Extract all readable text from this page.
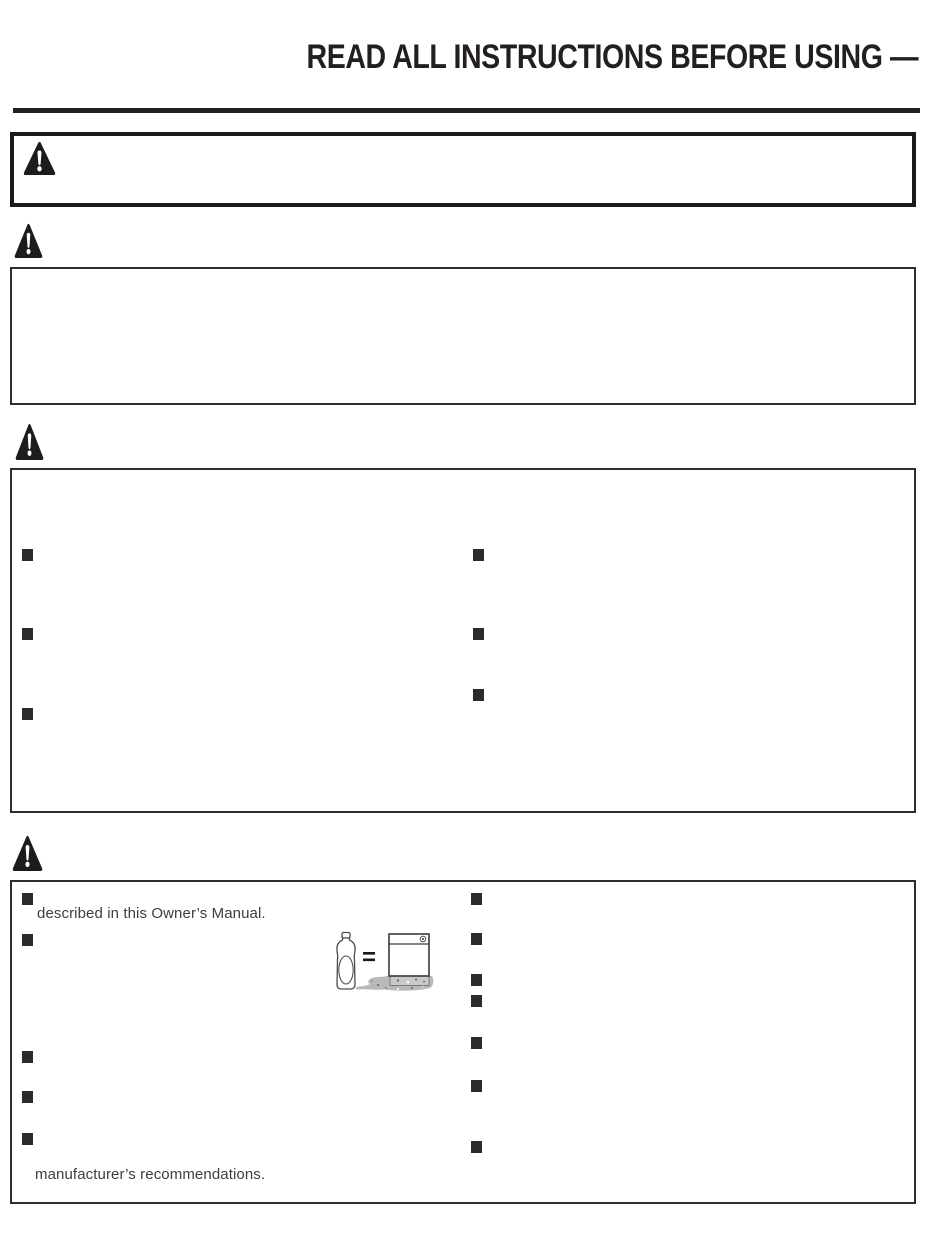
READ ALL INSTRUCTIONS BEFORE USING —
described in this Owner’s Manual.
manufacturer’s recommendations.
=
